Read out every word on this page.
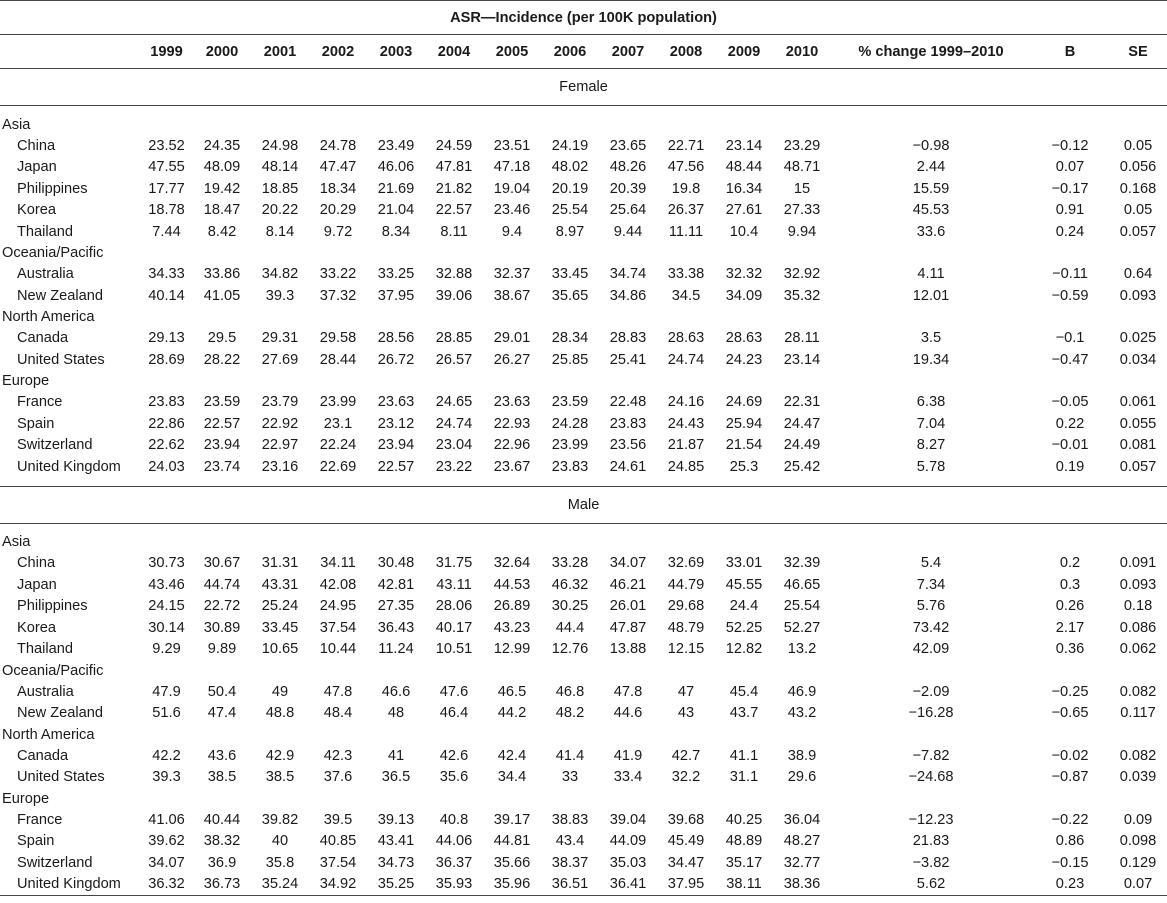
ASR—Incidence (per 100K population)															
	1999	2000	2001	2002	2003	2004	2005	2006	2007	2008	2009	2010	% change 1999–2010	B	SE
Female															

Asia															
China	23.52	24.35	24.98	24.78	23.49	24.59	23.51	24.19	23.65	22.71	23.14	23.29	−0.98	−0.12	0.05
Japan	47.55	48.09	48.14	47.47	46.06	47.81	47.18	48.02	48.26	47.56	48.44	48.71	2.44	0.07	0.056
Philippines	17.77	19.42	18.85	18.34	21.69	21.82	19.04	20.19	20.39	19.8	16.34	15	15.59	−0.17	0.168
Korea	18.78	18.47	20.22	20.29	21.04	22.57	23.46	25.54	25.64	26.37	27.61	27.33	45.53	0.91	0.05
Thailand	7.44	8.42	8.14	9.72	8.34	8.11	9.4	8.97	9.44	11.11	10.4	9.94	33.6	0.24	0.057
Oceania/Pacific															
Australia	34.33	33.86	34.82	33.22	33.25	32.88	32.37	33.45	34.74	33.38	32.32	32.92	4.11	−0.11	0.64
New Zealand	40.14	41.05	39.3	37.32	37.95	39.06	38.67	35.65	34.86	34.5	34.09	35.32	12.01	−0.59	0.093
North America															
Canada	29.13	29.5	29.31	29.58	28.56	28.85	29.01	28.34	28.83	28.63	28.63	28.11	3.5	−0.1	0.025
United States	28.69	28.22	27.69	28.44	26.72	26.57	26.27	25.85	25.41	24.74	24.23	23.14	19.34	−0.47	0.034
Europe															
France	23.83	23.59	23.79	23.99	23.63	24.65	23.63	23.59	22.48	24.16	24.69	22.31	6.38	−0.05	0.061
Spain	22.86	22.57	22.92	23.1	23.12	24.74	22.93	24.28	23.83	24.43	25.94	24.47	7.04	0.22	0.055
Switzerland	22.62	23.94	22.97	22.24	23.94	23.04	22.96	23.99	23.56	21.87	21.54	24.49	8.27	−0.01	0.081
United Kingdom	24.03	23.74	23.16	22.69	22.57	23.22	23.67	23.83	24.61	24.85	25.3	25.42	5.78	0.19	0.057

Male															

Asia															
China	30.73	30.67	31.31	34.11	30.48	31.75	32.64	33.28	34.07	32.69	33.01	32.39	5.4	0.2	0.091
Japan	43.46	44.74	43.31	42.08	42.81	43.11	44.53	46.32	46.21	44.79	45.55	46.65	7.34	0.3	0.093
Philippines	24.15	22.72	25.24	24.95	27.35	28.06	26.89	30.25	26.01	29.68	24.4	25.54	5.76	0.26	0.18
Korea	30.14	30.89	33.45	37.54	36.43	40.17	43.23	44.4	47.87	48.79	52.25	52.27	73.42	2.17	0.086
Thailand	9.29	9.89	10.65	10.44	11.24	10.51	12.99	12.76	13.88	12.15	12.82	13.2	42.09	0.36	0.062
Oceania/Pacific															
Australia	47.9	50.4	49	47.8	46.6	47.6	46.5	46.8	47.8	47	45.4	46.9	−2.09	−0.25	0.082
New Zealand	51.6	47.4	48.8	48.4	48	46.4	44.2	48.2	44.6	43	43.7	43.2	−16.28	−0.65	0.117
North America															
Canada	42.2	43.6	42.9	42.3	41	42.6	42.4	41.4	41.9	42.7	41.1	38.9	−7.82	−0.02	0.082
United States	39.3	38.5	38.5	37.6	36.5	35.6	34.4	33	33.4	32.2	31.1	29.6	−24.68	−0.87	0.039
Europe															
France	41.06	40.44	39.82	39.5	39.13	40.8	39.17	38.83	39.04	39.68	40.25	36.04	−12.23	−0.22	0.09
Spain	39.62	38.32	40	40.85	43.41	44.06	44.81	43.4	44.09	45.49	48.89	48.27	21.83	0.86	0.098
Switzerland	34.07	36.9	35.8	37.54	34.73	36.37	35.66	38.37	35.03	34.47	35.17	32.77	−3.82	−0.15	0.129
United Kingdom	36.32	36.73	35.24	34.92	35.25	35.93	35.96	36.51	36.41	37.95	38.11	38.36	5.62	0.23	0.07
